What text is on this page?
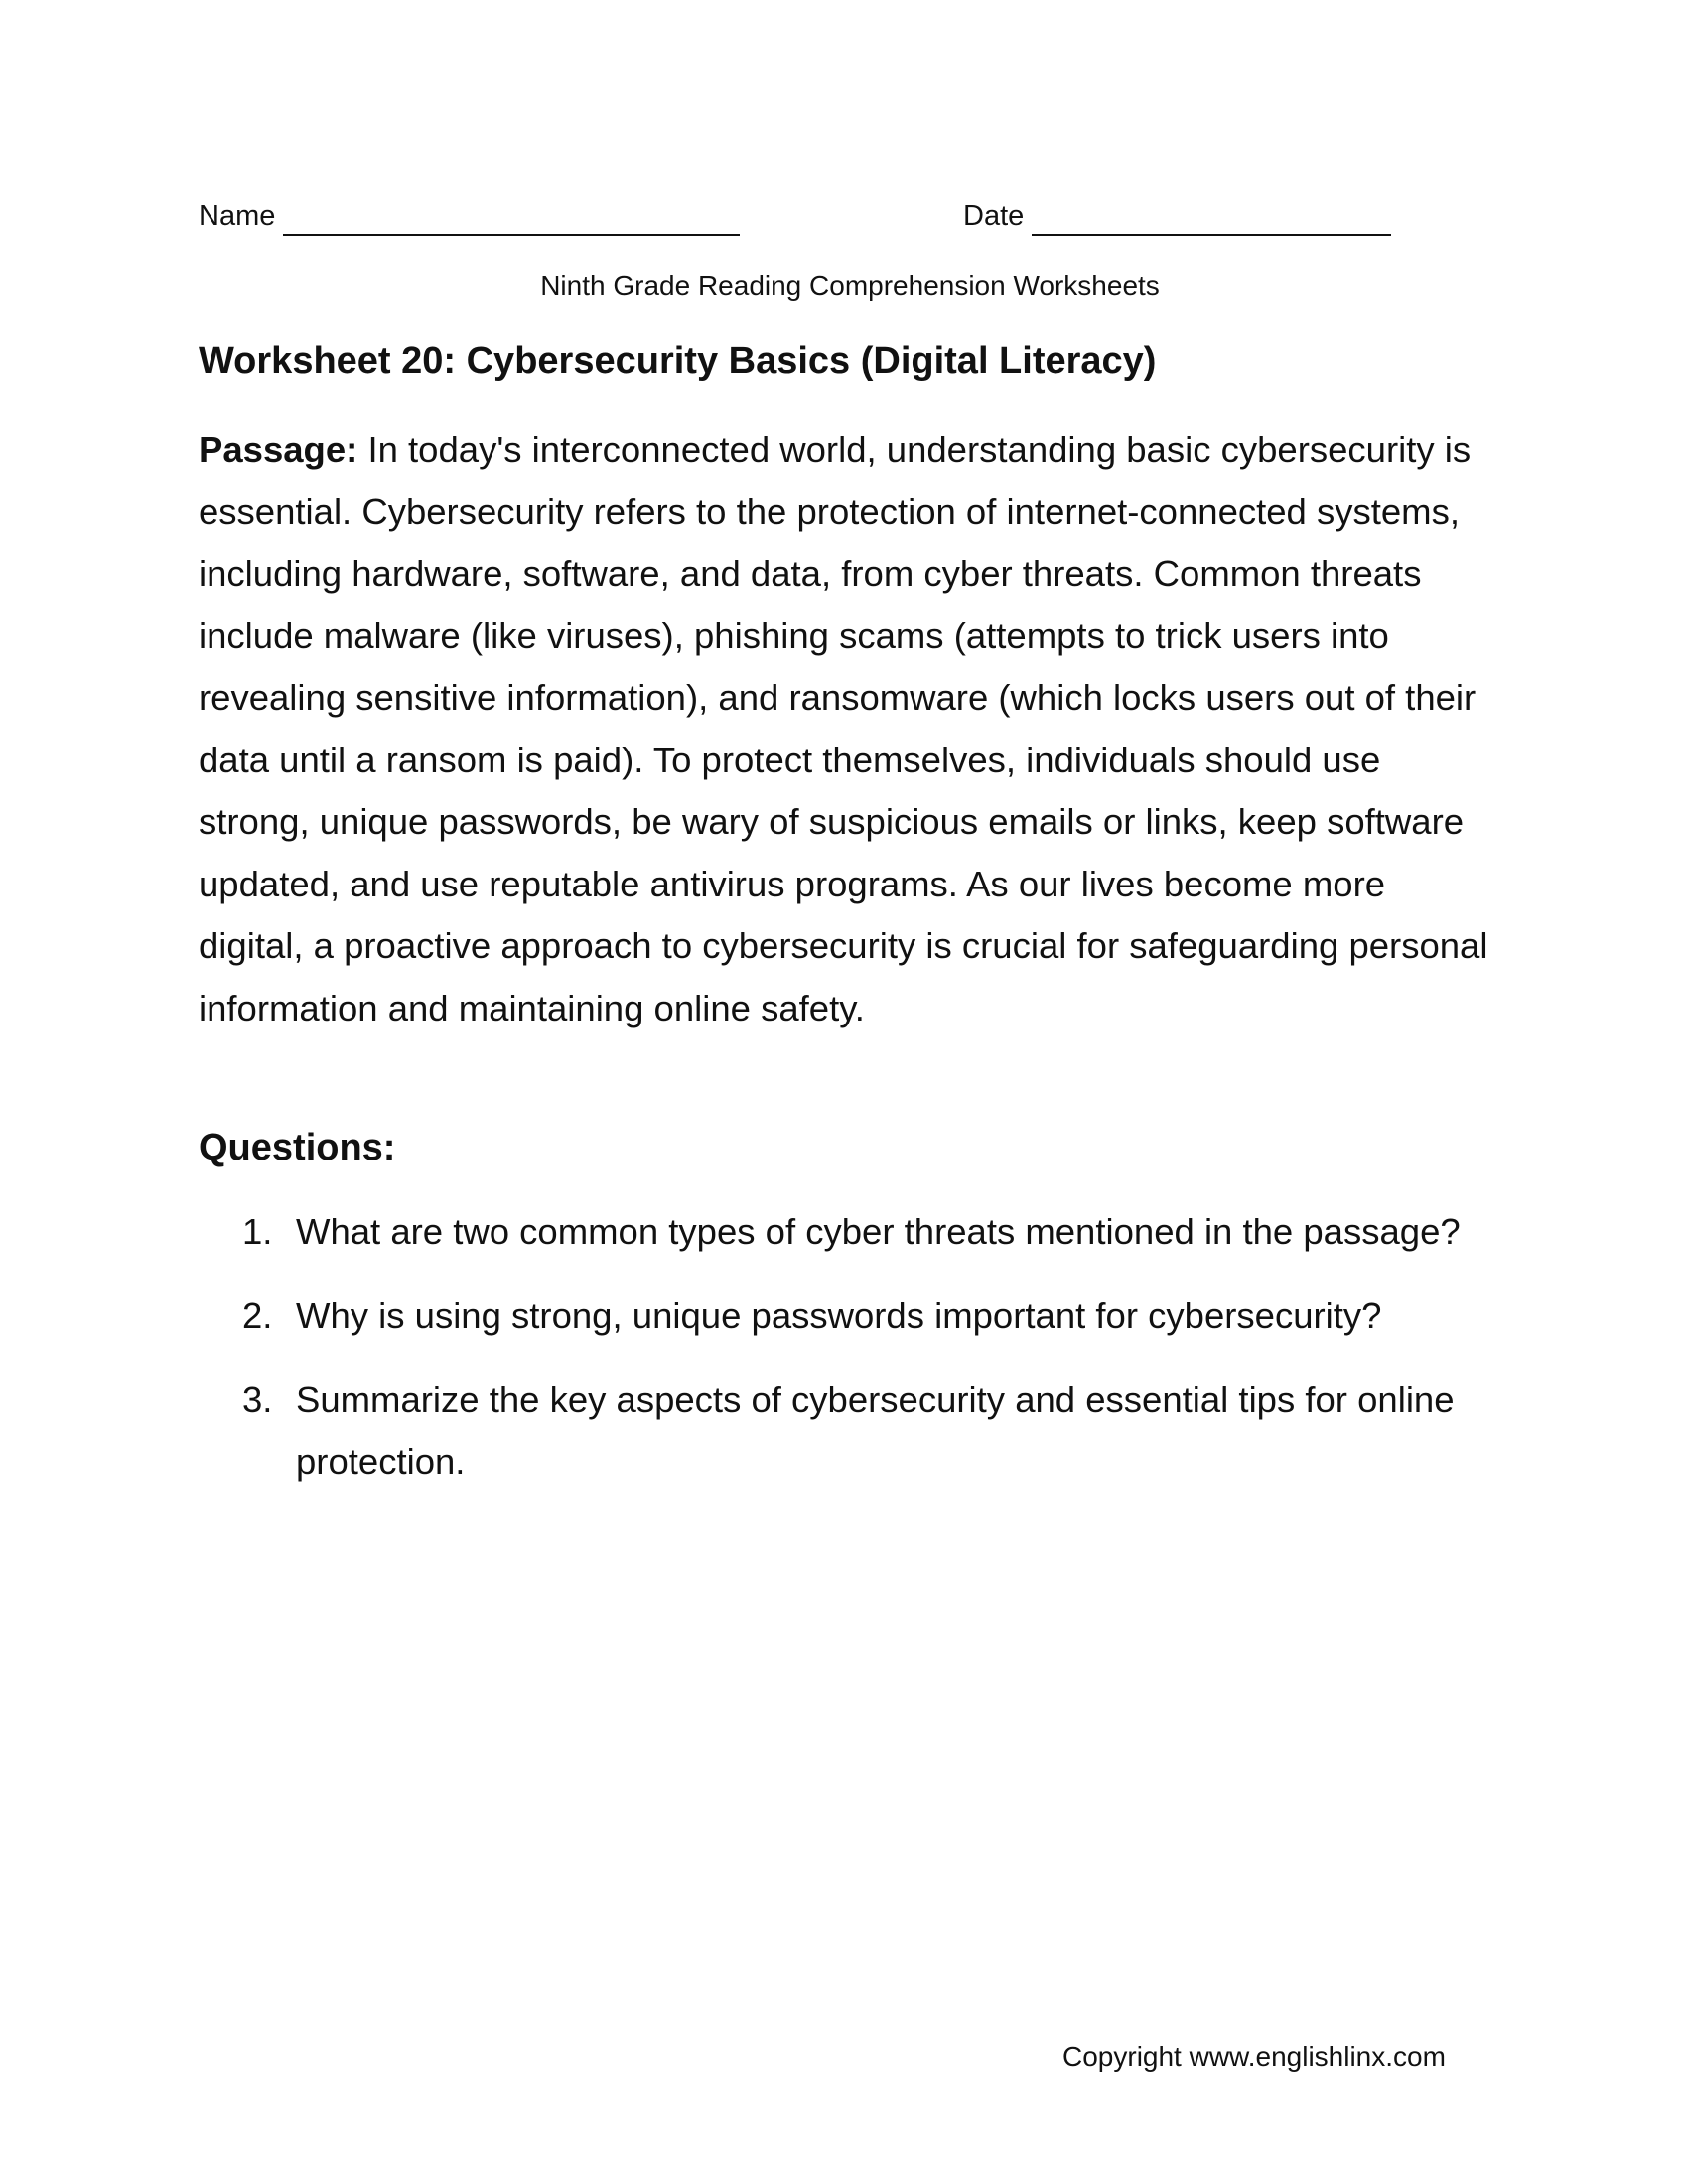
Name	Date
Ninth Grade Reading Comprehension Worksheets
Worksheet 20: Cybersecurity Basics (Digital Literacy)
Passage: In today's interconnected world, understanding basic cybersecurity is essential. Cybersecurity refers to the protection of internet-connected systems, including hardware, software, and data, from cyber threats. Common threats include malware (like viruses), phishing scams (attempts to trick users into revealing sensitive information), and ransomware (which locks users out of their data until a ransom is paid). To protect themselves, individuals should use strong, unique passwords, be wary of suspicious emails or links, keep software updated, and use reputable antivirus programs. As our lives become more digital, a proactive approach to cybersecurity is crucial for safeguarding personal information and maintaining online safety.
Questions:
1. What are two common types of cyber threats mentioned in the passage?
2. Why is using strong, unique passwords important for cybersecurity?
3. Summarize the key aspects of cybersecurity and essential tips for online protection.
Copyright www.englishlinx.com
